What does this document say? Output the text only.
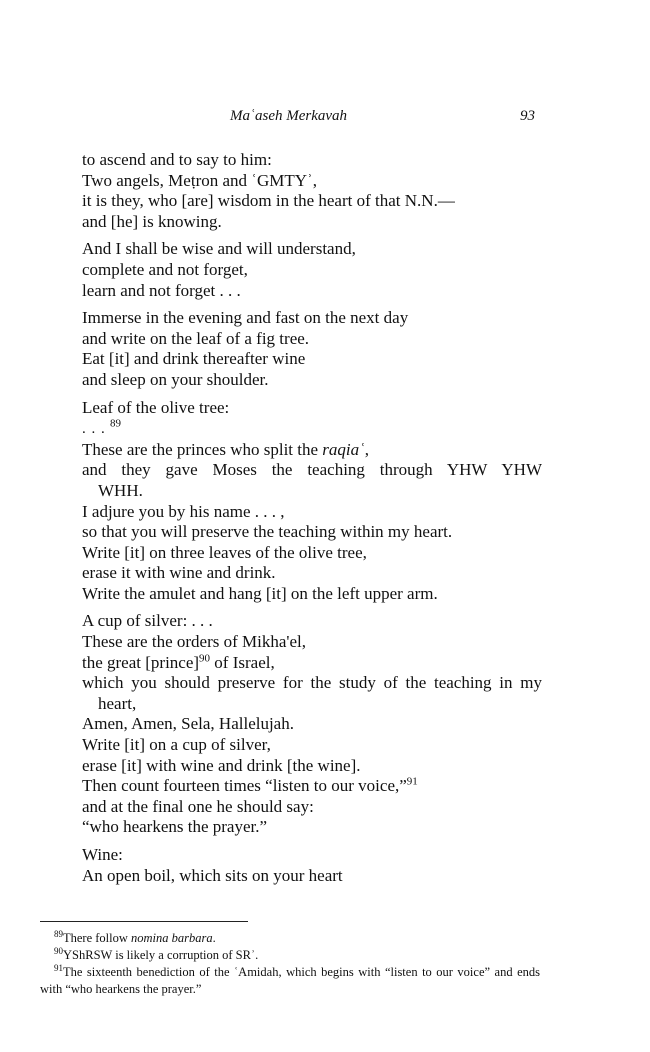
Maʿaseh Merkavah	93
to ascend and to say to him:
Two angels, Meṭron and ʿGMTYʾ,
it is they, who [are] wisdom in the heart of that N.N.—
and [he] is knowing.
And I shall be wise and will understand,
complete and not forget,
learn and not forget . . .
Immerse in the evening and fast on the next day
and write on the leaf of a fig tree.
Eat [it] and drink thereafter wine
and sleep on your shoulder.
Leaf of the olive tree:
. . . $^{89}$
These are the princes who split the raqiaʿ,
and they gave Moses the teaching through YHW YHW
WHH.
I adjure you by his name . . . ,
so that you will preserve the teaching within my heart.
Write [it] on three leaves of the olive tree,
erase it with wine and drink.
Write the amulet and hang [it] on the left upper arm.
A cup of silver: . . .
These are the orders of Mikha'el,
the great [prince]$^{90}$ of Israel,
which you should preserve for the study of the teaching in my
heart,
Amen, Amen, Sela, Hallelujah.
Write [it] on a cup of silver,
erase [it] with wine and drink [the wine].
Then count fourteen times “listen to our voice,”$^{91}$
and at the final one he should say:
“who hearkens the prayer.”
Wine:
An open boil, which sits on your heart
$^{89}$There follow nomina barbara.
$^{90}$YShRSW is likely a corruption of SRʾ.
$^{91}$The sixteenth benediction of the ʿAmidah, which begins with “listen to our voice” and ends with “who hearkens the prayer.”
